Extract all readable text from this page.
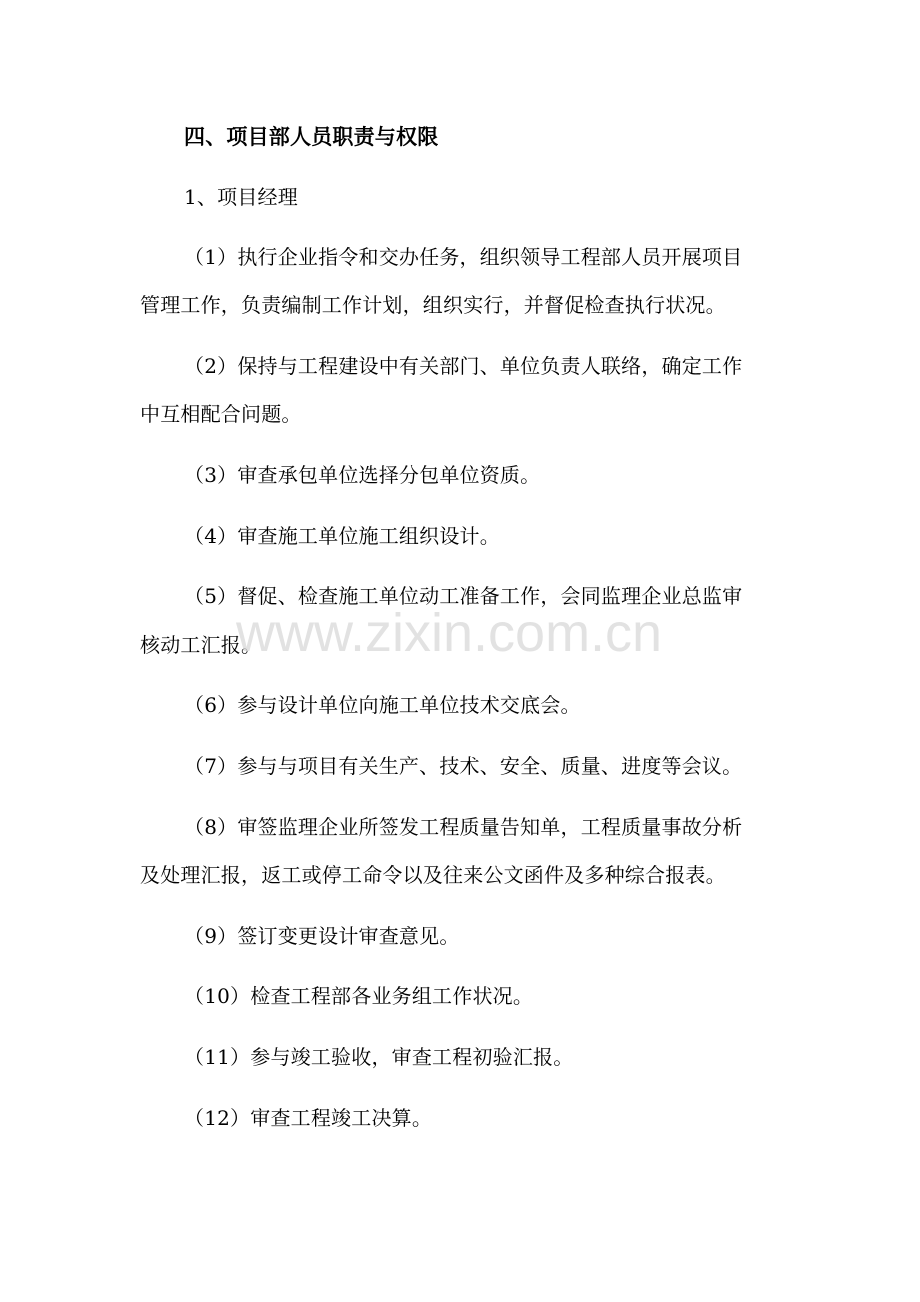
四、项目部人员职责与权限
1、项目经理
（1）执行企业指令和交办任务，组织领导工程部人员开展项目
管理工作，负责编制工作计划，组织实行，并督促检查执行状况。
（2）保持与工程建设中有关部门、单位负责人联络，确定工作
中互相配合问题。
（3）审查承包单位选择分包单位资质。
（4）审查施工单位施工组织设计。
（5）督促、检查施工单位动工准备工作，会同监理企业总监审
核动工汇报。
（6）参与设计单位向施工单位技术交底会。
（7）参与与项目有关生产、技术、安全、质量、进度等会议。
（8）审签监理企业所签发工程质量告知单，工程质量事故分析
及处理汇报，返工或停工命令以及往来公文函件及多种综合报表。
（9）签订变更设计审查意见。
（10）检查工程部各业务组工作状况。
（11）参与竣工验收，审查工程初验汇报。
（12）审查工程竣工决算。
www.zixin.com.cn
